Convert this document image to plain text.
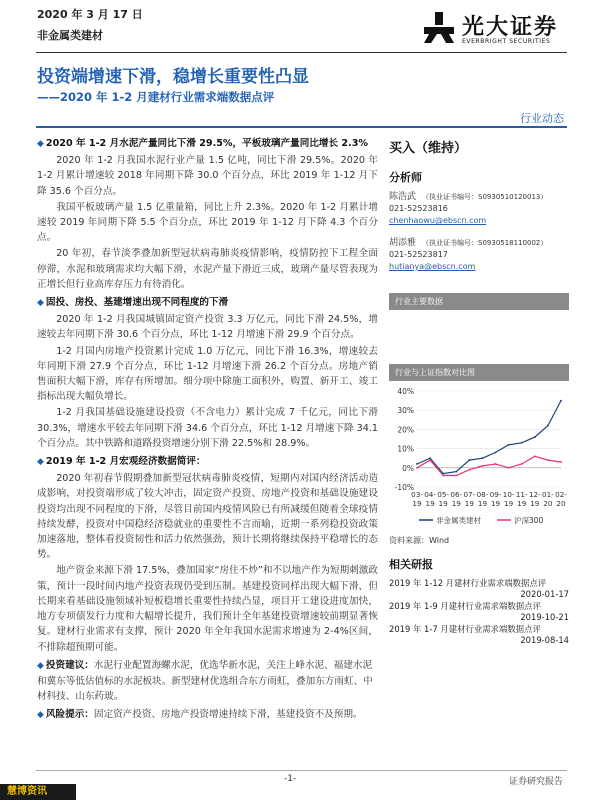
2020 年 3 月 17 日
非金属类建材	光大证券
EVERBRIGHT SECURITIES
投资端增速下滑，稳增长重要性凸显
——2020 年 1-2 月建材行业需求端数据点评
行业动态
◆ 2020 年 1-2 月水泥产量同比下滑 29.5%，平板玻璃产量同比增长 2.3%

2020 年 1-2 月我国水泥行业产量 1.5 亿吨，同比下滑 29.5%。2020 年 1-2 月累计增速较 2018 年同期下降 30.0 个百分点，环比 2019 年 1-12 月下降 35.6 个百分点。

我国平板玻璃产量 1.5 亿重量箱，同比上升 2.3%。2020 年 1-2 月累计增速较 2019 年同期下降 5.5 个百分点，环比 2019 年 1-12 月下降 4.3 个百分点。

20 年初，春节淡季叠加新型冠状病毒肺炎疫情影响，疫情防控下工程全面停滞，水泥和玻璃需求均大幅下滑，水泥产量下滑近三成，玻璃产量尽管表现为正增长但行业高库存压力有待消化。

◆ 固投、房投、基建增速出现不同程度的下滑

2020 年 1-2 月我国城镇固定资产投资 3.3 万亿元，同比下滑 24.5%，增速较去年同期下滑 30.6 个百分点，环比 1-12 月增速下滑 29.9 个百分点。

1-2 月国内房地产投资累计完成 1.0 万亿元，同比下滑 16.3%，增速较去年同期下滑 27.9 个百分点，环比 1-12 月增速下滑 26.2 个百分点。房地产销售面积大幅下滑，库存有所增加。细分项中除施工面积外，购置、新开工、竣工指标出现大幅负增长。

1-2 月我国基础设施建设投资（不含电力）累计完成 7 千亿元，同比下滑 30.3%，增速水平较去年同期下滑 34.6 个百分点，环比 1-12 月增速下降 34.1 个百分点。其中铁路和道路投资增速分别下滑 22.5%和 28.9%。

◆ 2019 年 1-2 月宏观经济数据简评：

2020 年初春节假期叠加新型冠状病毒肺炎疫情，短期内对国内经济活动造成影响，对投资端形成了较大冲击，固定资产投资、房地产投资和基础设施建设投资均出现不同程度的下滑，尽管目前国内疫情风险已有所减缓但随着全球疫情持续发酵，投资对中国稳经济稳就业的重要性不言而喻，近期一系列稳投资政策加速落地，整体看投资韧性和活力依然强劲，预计长期将继续保持平稳增长的态势。

地产资金来源下滑 17.5%，叠加国家“房住不炒”和不以地产作为短期刺激政策，预计一段时间内地产投资表现仍受到压制。基建投资同样出现大幅下滑，但长期来看基础设施领域补短板稳增长重要性持续凸显，项目开工建设进度加快，地方专项债发行力度和大幅增长提升，我们预计全年基建投资增速较前期显著恢复。建材行业需求有支撑，预计 2020 年全年我国水泥需求增速为 2-4%区间，不排除超预期可能。

◆ 投资建议：水泥行业配置海螺水泥，优选华新水泥，关注上峰水泥、福建水泥和冀东等低估值标的水泥板块。新型建材优选组合东方雨虹，叠加东方雨虹、中材科技、山东药玻。
◆ 风险提示：固定资产投资、房地产投资增速持续下滑，基建投资不及预期。
买入（维持）
分析师
陈浩武 （执业证书编号：S0930510120013）
021-52523816
chenhaowu@ebscn.com
胡添雅 （执业证书编号：S0930518110002）
021-52523817
hutianya@ebscn.com
行业主要数据
行业与上证指数对比图
40%
30%
20%
10%
0%
-10%
03-
19
04-
19
05-
19
06-
19
07-
19
08-
19
09-
19
10-
19
11-
19
12-
19
01-
20
02-
20
非金属类建材	沪深300
资料来源：Wind
相关研报
2019 年 1-12 月建材行业需求端数据点评
2020-01-17
2019 年 1-9 月建材行业需求端数据点评
2019-10-21
2019 年 1-7 月建材行业需求端数据点评
2019-08-14
-1-	证券研究报告
慧博资讯
